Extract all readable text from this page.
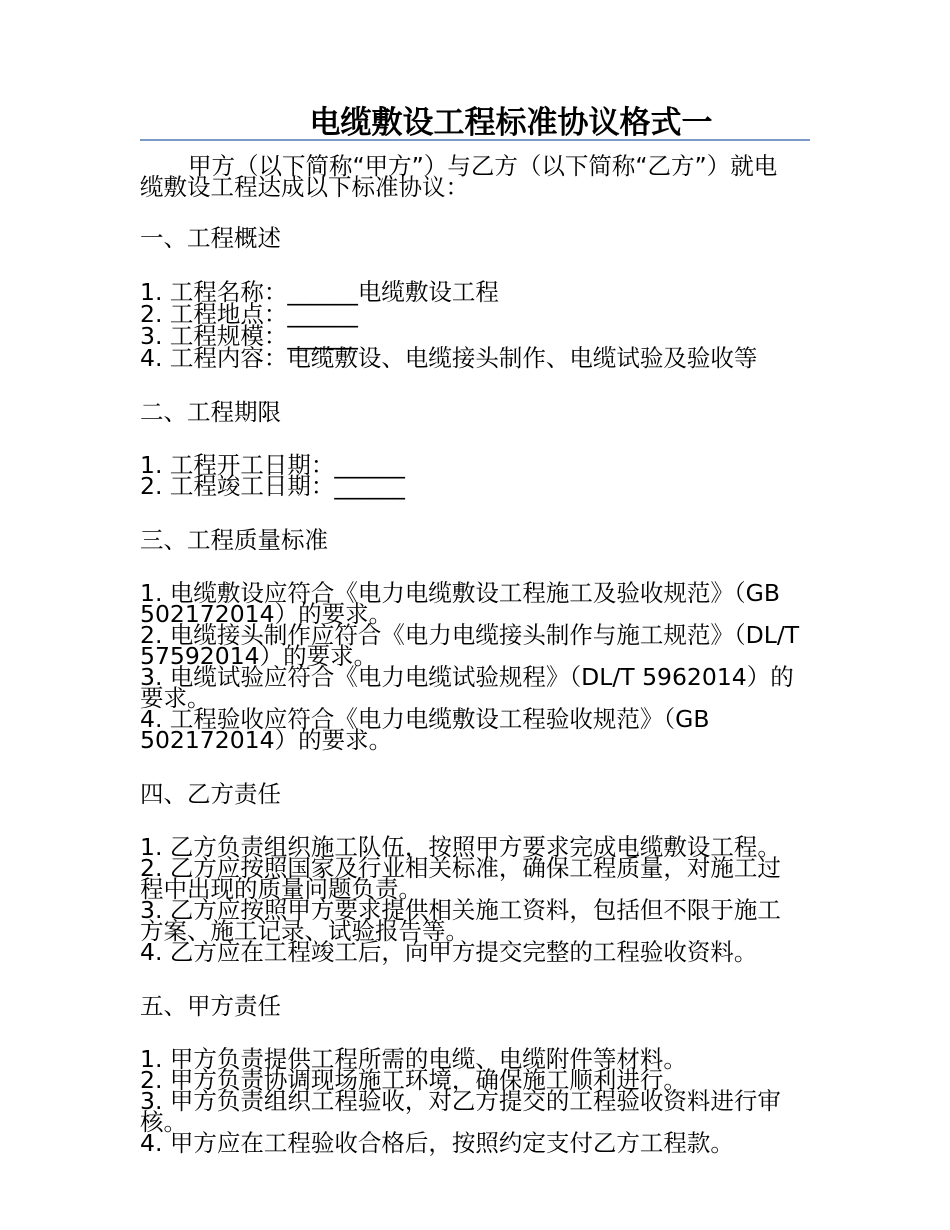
电缆敷设工程标准协议格式一
甲方（以下简称“甲方”）与乙方（以下简称“乙方”）就电缆敷设工程达成以下标准协议：
一、工程概述
1. 工程名称：______电缆敷设工程
2. 工程地点：______
3. 工程规模：______
4. 工程内容：电缆敷设、电缆接头制作、电缆试验及验收等
二、工程期限
1. 工程开工日期：______
2. 工程竣工日期：______
三、工程质量标准
1. 电缆敷设应符合《电力电缆敷设工程施工及验收规范》（GB 502172014）的要求。
2. 电缆接头制作应符合《电力电缆接头制作与施工规范》（DL/T 57592014）的要求。
3. 电缆试验应符合《电力电缆试验规程》（DL/T 5962014）的要求。
4. 工程验收应符合《电力电缆敷设工程验收规范》（GB 502172014）的要求。
四、乙方责任
1. 乙方负责组织施工队伍，按照甲方要求完成电缆敷设工程。
2. 乙方应按照国家及行业相关标准，确保工程质量，对施工过程中出现的质量问题负责。
3. 乙方应按照甲方要求提供相关施工资料，包括但不限于施工方案、施工记录、试验报告等。
4. 乙方应在工程竣工后，向甲方提交完整的工程验收资料。
五、甲方责任
1. 甲方负责提供工程所需的电缆、电缆附件等材料。
2. 甲方负责协调现场施工环境，确保施工顺利进行。
3. 甲方负责组织工程验收，对乙方提交的工程验收资料进行审核。
4. 甲方应在工程验收合格后，按照约定支付乙方工程款。
